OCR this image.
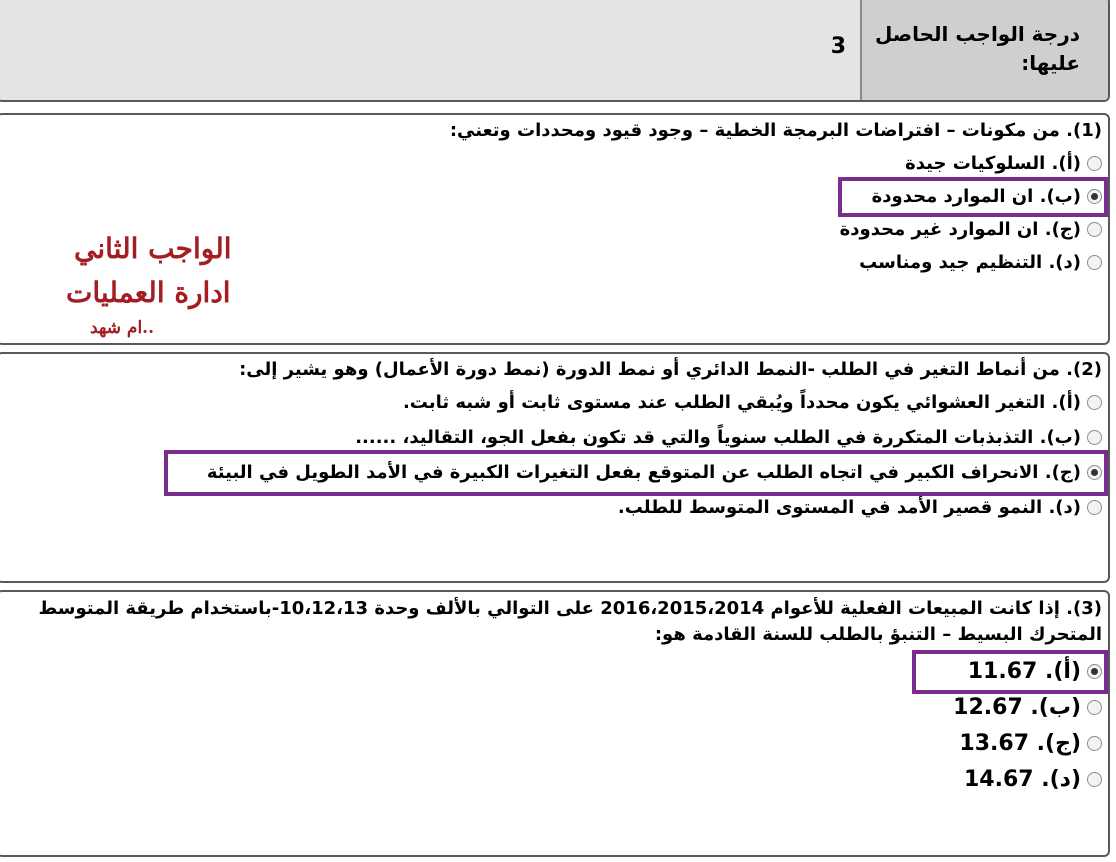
درجة الواجب الحاصل عليها:
3
(1). من مكونات – افتراضات البرمجة الخطية – وجود قيود ومحددات وتعني:
(أ). السلوكيات جيدة
(ب). ان الموارد محدودة
(ج). ان الموارد غير محدودة
(د). التنظيم جيد ومناسب
الواجب الثاني
ادارة العمليات
ام شهد..
(2). من أنماط التغير في الطلب -النمط الدائري أو نمط الدورة (نمط دورة الأعمال) وهو يشير إلى:
(أ). التغير العشوائي يكون محدداً ويُبقي الطلب عند مستوى ثابت أو شبه ثابت.
(ب). التذبذبات المتكررة في الطلب سنوياً والتي قد تكون بفعل الجو، التقاليد، ......
(ج). الانحراف الكبير في اتجاه الطلب عن المتوقع بفعل التغيرات الكبيرة في الأمد الطويل في البيئة
(د). النمو قصير الأمد في المستوى المتوسط للطلب.
(3). إذا كانت المبيعات الفعلية للأعوام 2016،2015،2014 على التوالي بالألف وحدة 10،12،13-باستخدام طريقة المتوسط المتحرك البسيط – التنبؤ بالطلب للسنة القادمة هو:
(أ). 11.67
(ب). 12.67
(ج). 13.67
(د). 14.67
